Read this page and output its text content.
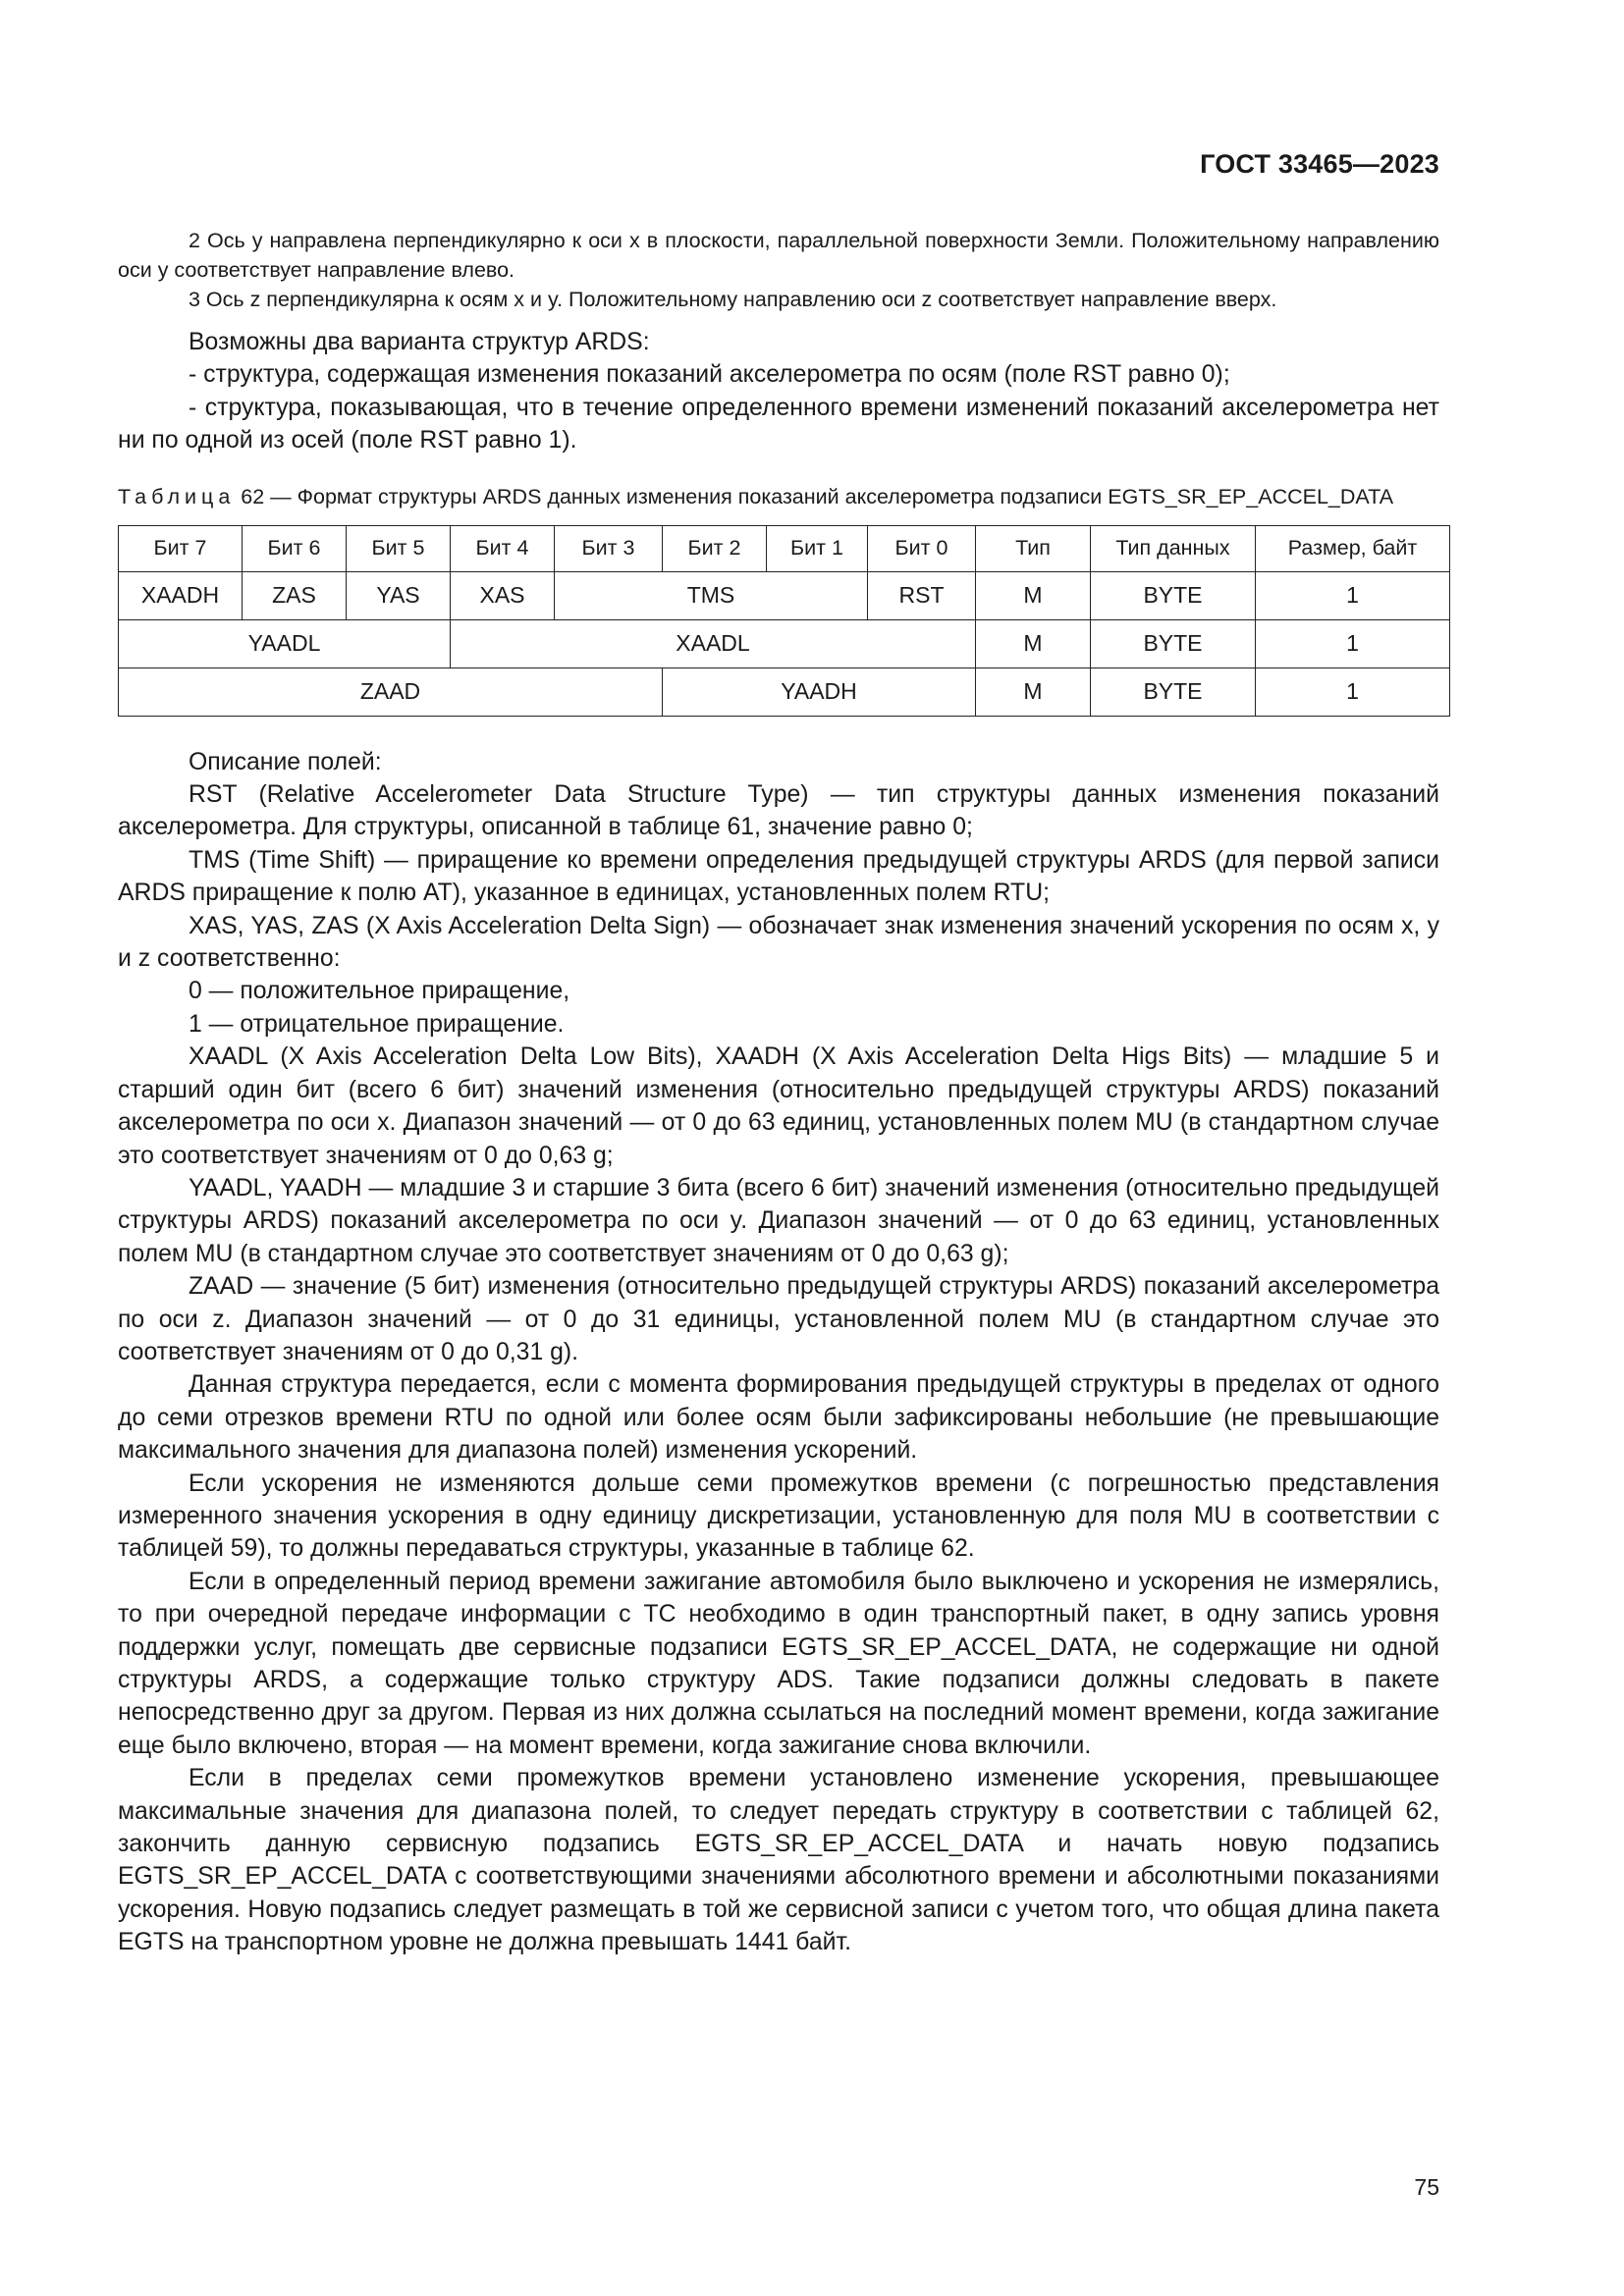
ГОСТ 33465—2023

2 Ось y направлена перпендикулярно к оси x в плоскости, параллельной поверхности Земли. Положительному направлению оси y соответствует направление влево.

3 Ось z перпендикулярна к осям x и y. Положительному направлению оси z соответствует направление вверх.

Возможны два варианта структур ARDS:

- структура, содержащая изменения показаний акселерометра по осям (поле RST равно 0);

- структура, показывающая, что в течение определенного времени изменений показаний акселерометра нет ни по одной из осей (поле RST равно 1).

Таблица 62 — Формат структуры ARDS данных изменения показаний акселерометра подзаписи EGTS_SR_EP_ACCEL_DATA

Бит 7	Бит 6	Бит 5	Бит 4	Бит 3	Бит 2	Бит 1	Бит 0	Тип	Тип данных	Размер, байт
XAADH	ZAS	YAS	XAS	TMS			RST	M	BYTE	1
YAADL			XAADL					M	BYTE	1
ZAAD					YAADH			M	BYTE	1

Описание полей:

RST (Relative Accelerometer Data Structure Type) — тип структуры данных изменения показаний акселерометра. Для структуры, описанной в таблице 61, значение равно 0;

TMS (Time Shift) — приращение ко времени определения предыдущей структуры ARDS (для первой записи ARDS приращение к полю AT), указанное в единицах, установленных полем RTU;

XAS, YAS, ZAS (X Axis Acceleration Delta Sign) — обозначает знак изменения значений ускорения по осям x, y и z соответственно:

0 — положительное приращение,

1 — отрицательное приращение.

XAADL (X Axis Acceleration Delta Low Bits), XAADH (X Axis Acceleration Delta Higs Bits) — младшие 5 и старший один бит (всего 6 бит) значений изменения (относительно предыдущей структуры ARDS) показаний акселерометра по оси x. Диапазон значений — от 0 до 63 единиц, установленных полем MU (в стандартном случае это соответствует значениям от 0 до 0,63 g;

YAADL, YAADH — младшие 3 и старшие 3 бита (всего 6 бит) значений изменения (относительно предыдущей структуры ARDS) показаний акселерометра по оси y. Диапазон значений — от 0 до 63 единиц, установленных полем MU (в стандартном случае это соответствует значениям от 0 до 0,63 g);

ZAAD — значение (5 бит) изменения (относительно предыдущей структуры ARDS) показаний акселерометра по оси z. Диапазон значений — от 0 до 31 единицы, установленной полем MU (в стандартном случае это соответствует значениям от 0 до 0,31 g).

Данная структура передается, если с момента формирования предыдущей структуры в пределах от одного до семи отрезков времени RTU по одной или более осям были зафиксированы небольшие (не превышающие максимального значения для диапазона полей) изменения ускорений.

Если ускорения не изменяются дольше семи промежутков времени (с погрешностью представления измеренного значения ускорения в одну единицу дискретизации, установленную для поля MU в соответствии с таблицей 59), то должны передаваться структуры, указанные в таблице 62.

Если в определенный период времени зажигание автомобиля было выключено и ускорения не измерялись, то при очередной передаче информации с ТС необходимо в один транспортный пакет, в одну запись уровня поддержки услуг, помещать две сервисные подзаписи EGTS_SR_EP_ACCEL_DATA, не содержащие ни одной структуры ARDS, а содержащие только структуру ADS. Такие подзаписи должны следовать в пакете непосредственно друг за другом. Первая из них должна ссылаться на последний момент времени, когда зажигание еще было включено, вторая — на момент времени, когда зажигание снова включили.

Если в пределах семи промежутков времени установлено изменение ускорения, превышающее максимальные значения для диапазона полей, то следует передать структуру в соответствии с таблицей 62, закончить данную сервисную подзапись EGTS_SR_EP_ACCEL_DATA и начать новую подзапись EGTS_SR_EP_ACCEL_DATA с соответствующими значениями абсолютного времени и абсолютными показаниями ускорения. Новую подзапись следует размещать в той же сервисной записи с учетом того, что общая длина пакета EGTS на транспортном уровне не должна превышать 1441 байт.

75
